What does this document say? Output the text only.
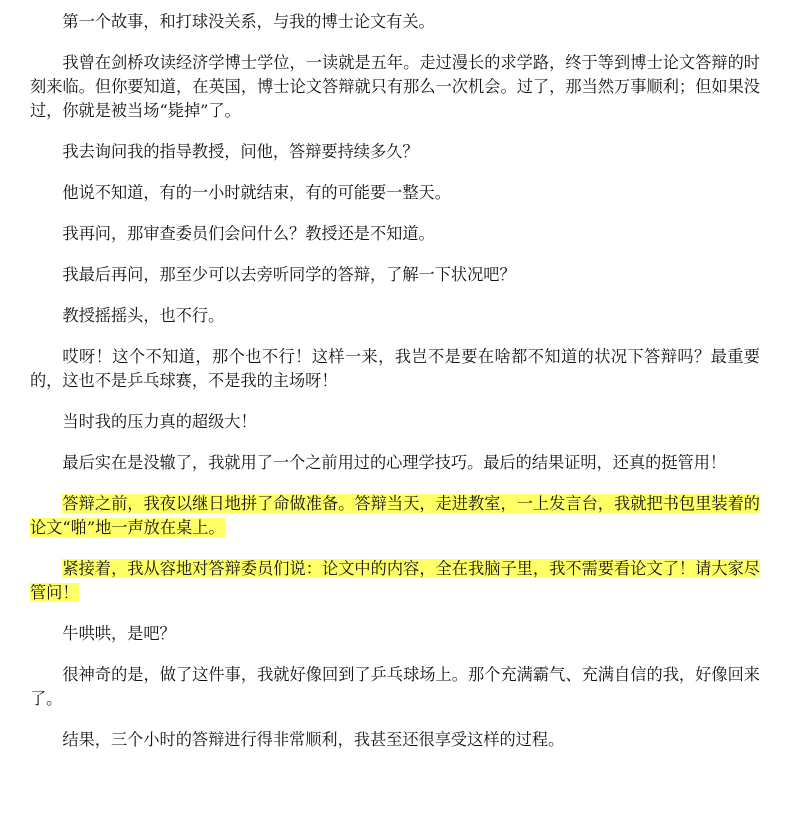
第一个故事，和打球没关系，与我的博士论文有关。

我曾在剑桥攻读经济学博士学位，一读就是五年。走过漫长的求学路，终于等到博士论文答辩的时刻来临。但你要知道，在英国，博士论文答辩就只有那么一次机会。过了，那当然万事顺利；但如果没过，你就是被当场“毙掉”了。

我去询问我的指导教授，问他，答辩要持续多久？

他说不知道，有的一小时就结束，有的可能要一整天。

我再问，那审查委员们会问什么？教授还是不知道。

我最后再问，那至少可以去旁听同学的答辩，了解一下状况吧？

教授摇摇头，也不行。

哎呀！这个不知道，那个也不行！这样一来，我岂不是要在啥都不知道的状况下答辩吗？最重要的，这也不是乒乓球赛，不是我的主场呀！

当时我的压力真的超级大！

最后实在是没辙了，我就用了一个之前用过的心理学技巧。最后的结果证明，还真的挺管用！

答辩之前，我夜以继日地拼了命做准备。答辩当天，走进教室，一上发言台，我就把书包里装着的论文“啪”地一声放在桌上。

紧接着，我从容地对答辩委员们说：论文中的内容，全在我脑子里，我不需要看论文了！请大家尽管问！

牛哄哄，是吧？

很神奇的是，做了这件事，我就好像回到了乒乓球场上。那个充满霸气、充满自信的我，好像回来了。

结果，三个小时的答辩进行得非常顺利，我甚至还很享受这样的过程。
